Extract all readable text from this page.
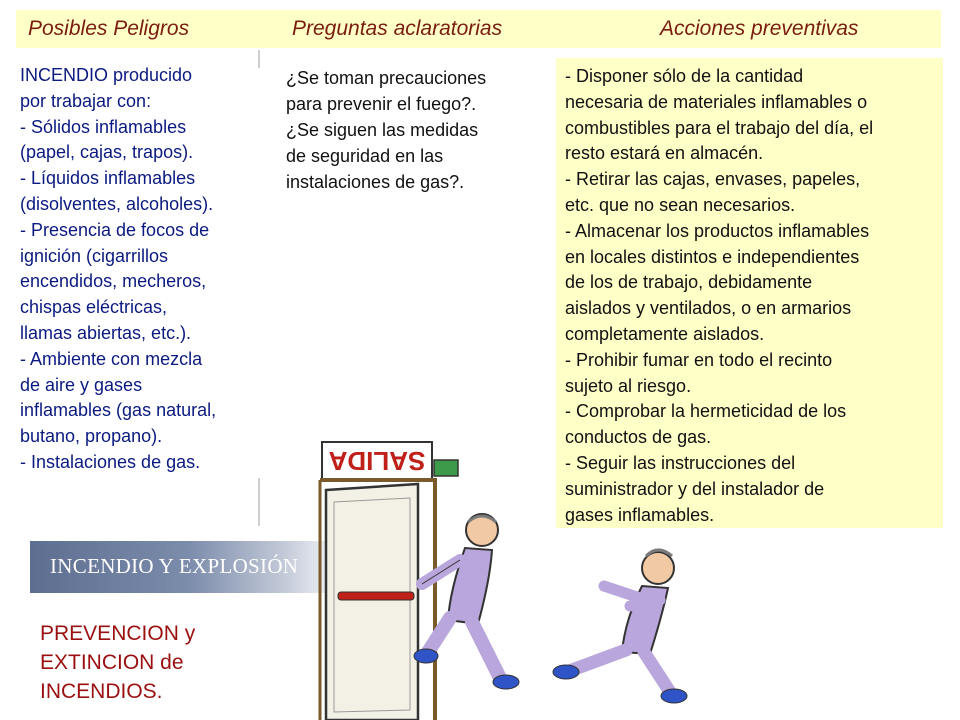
Posibles Peligros	Preguntas aclaratorias	Acciones preventivas
INCENDIO producido
por trabajar con:
- Sólidos inflamables
(papel, cajas, trapos).
- Líquidos inflamables
(disolventes, alcoholes).
- Presencia de focos de
ignición (cigarrillos
encendidos, mecheros,
chispas eléctricas,
llamas abiertas, etc.).
- Ambiente con mezcla
de aire y gases
inflamables (gas natural,
butano, propano).
- Instalaciones de gas.
¿Se toman precauciones
para prevenir el fuego?.
¿Se siguen las medidas
de seguridad en las
instalaciones de gas?.
- Disponer sólo de la cantidad
necesaria de materiales inflamables o
combustibles para el trabajo del día, el
resto estará en almacén.
- Retirar las cajas, envases, papeles,
etc. que no sean necesarios.
- Almacenar los productos inflamables
en locales distintos e independientes
de los de trabajo, debidamente
aislados y ventilados, o en armarios
completamente aislados.
- Prohibir fumar en todo el recinto
sujeto al riesgo.
- Comprobar la hermeticidad de los
conductos de gas.
- Seguir las instrucciones del
suministrador y del instalador de
gases inflamables.
INCENDIO Y EXPLOSIÓN
PREVENCION y
EXTINCION de
INCENDIOS.
SALIDA
